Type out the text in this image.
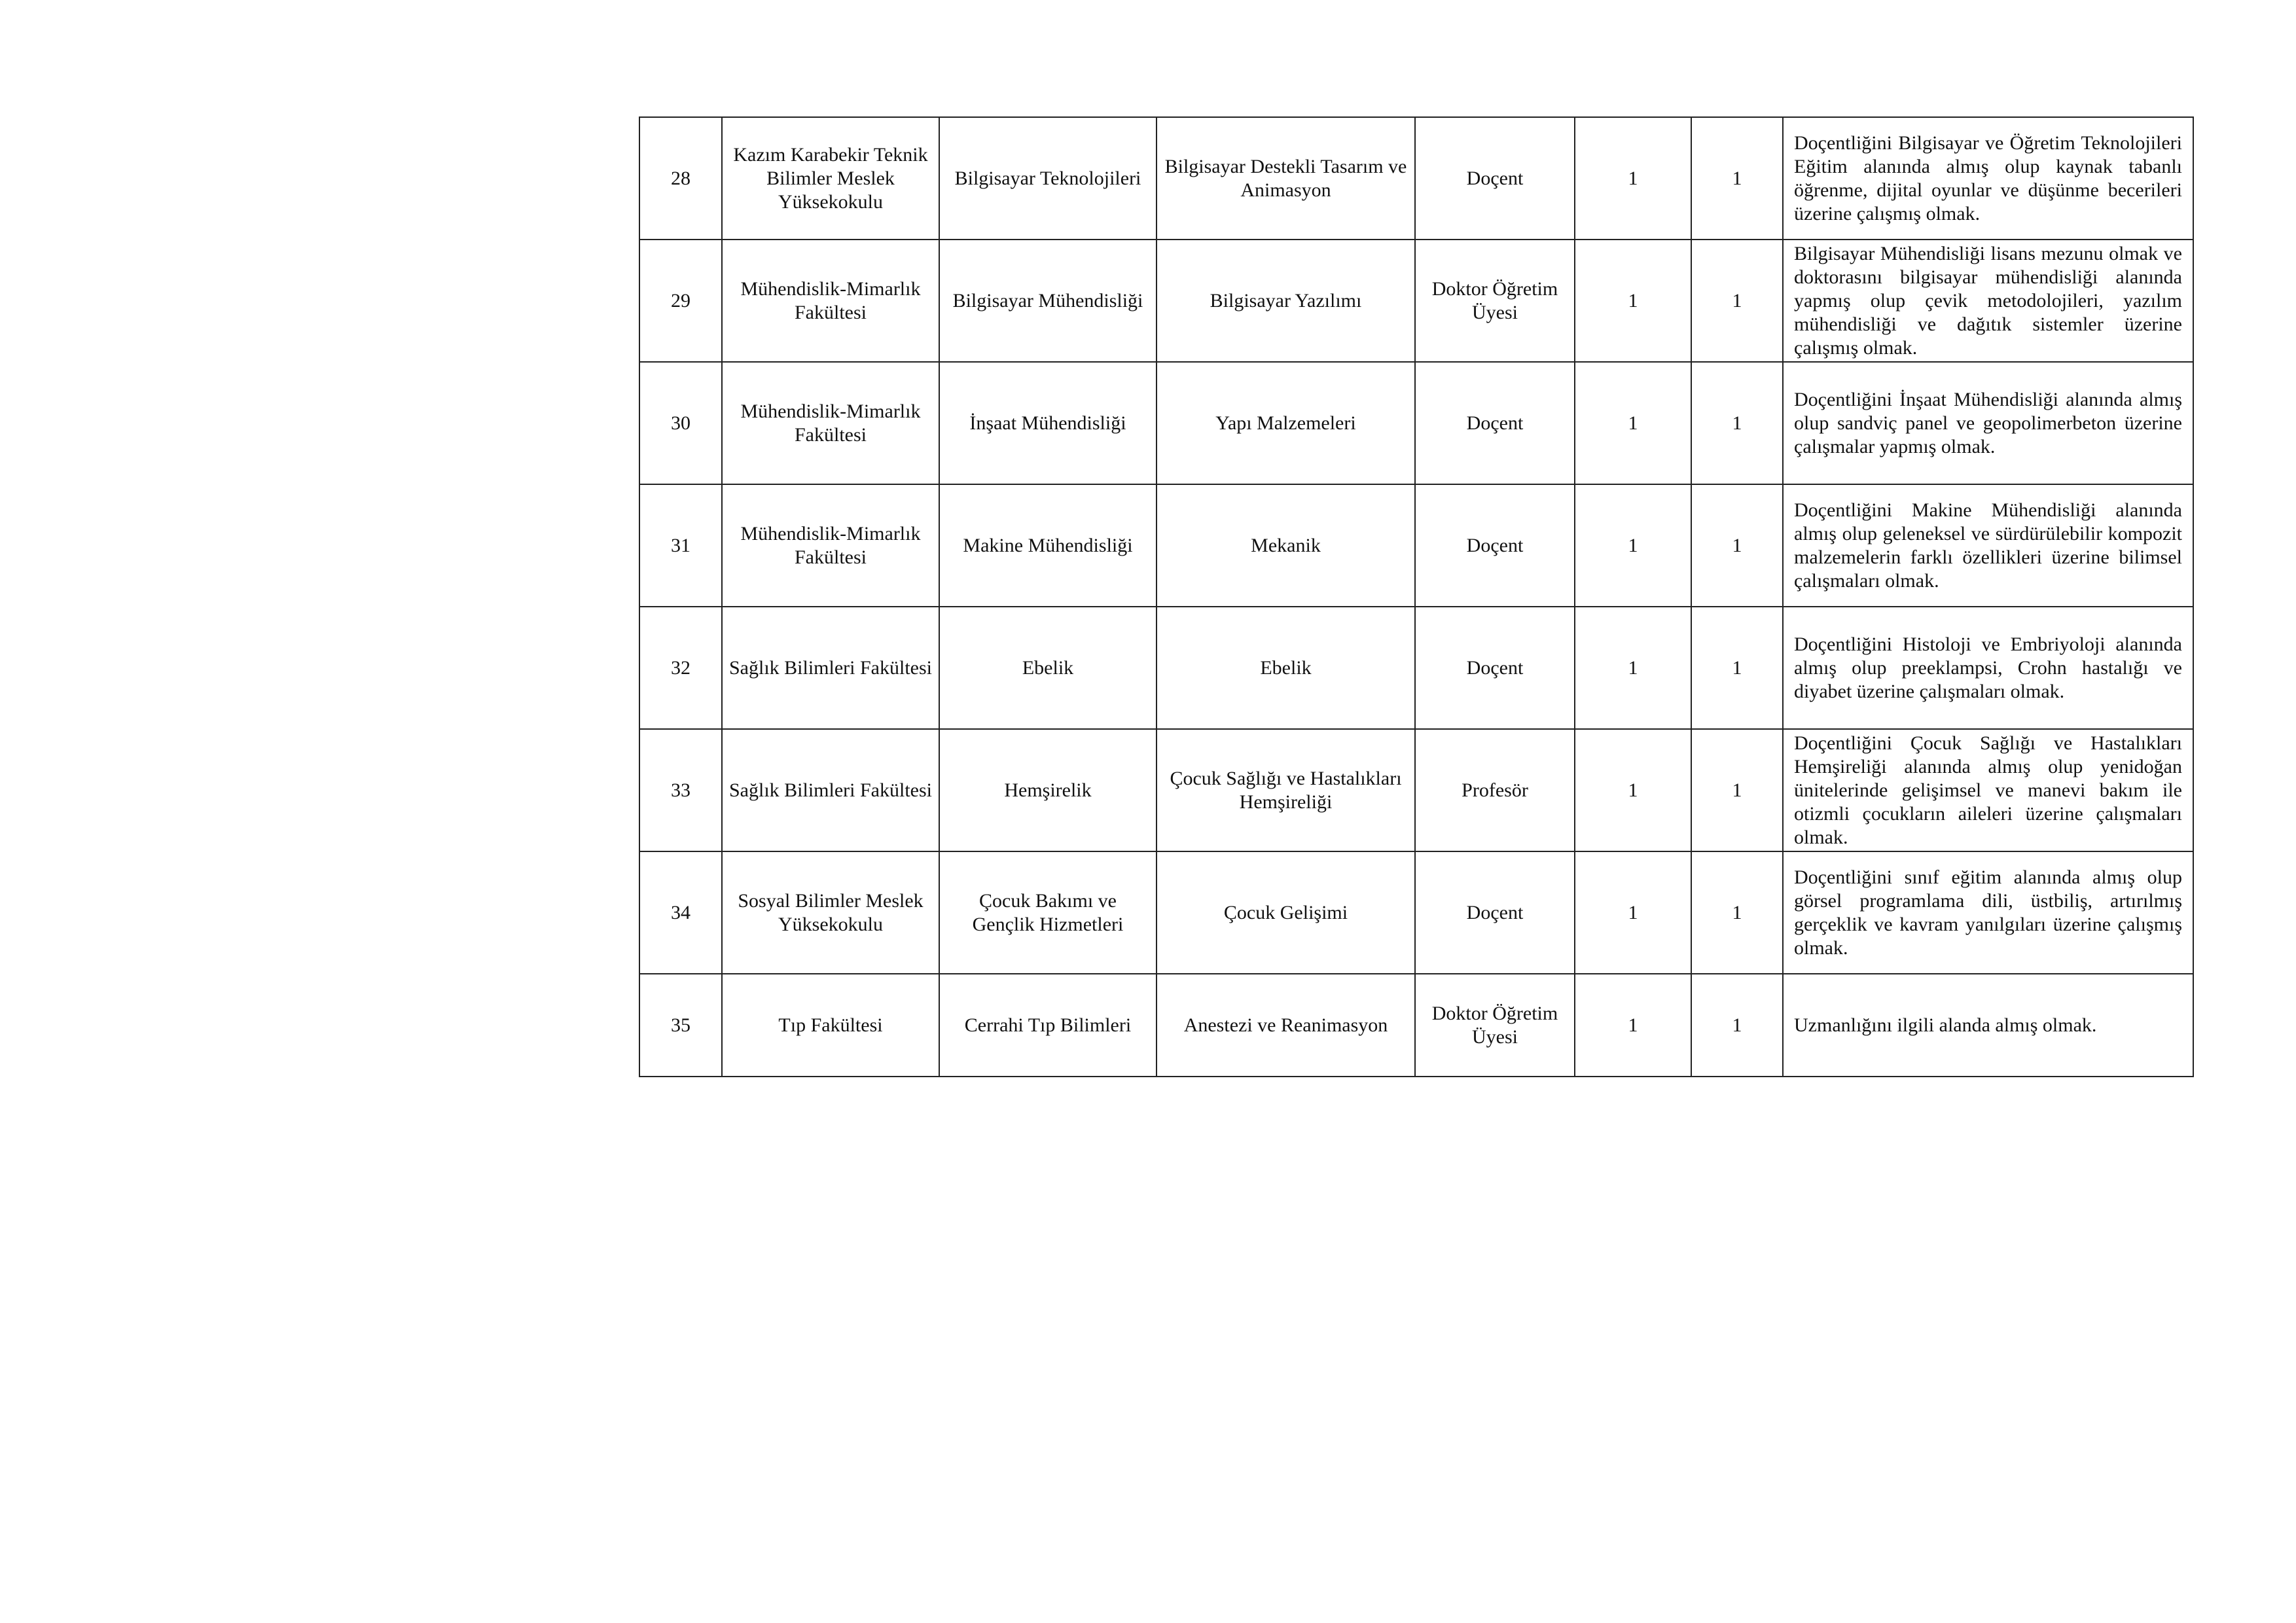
28	Kazım Karabekir Teknik Bilimler Meslek Yüksekokulu	Bilgisayar Teknolojileri	Bilgisayar Destekli Tasarım ve Animasyon	Doçent	1	1	Doçentliğini Bilgisayar ve Öğretim Teknolojileri Eğitim alanında almış olup kaynak tabanlı öğrenme, dijital oyunlar ve düşünme becerileri üzerine çalışmış olmak.
29	Mühendislik-Mimarlık Fakültesi	Bilgisayar Mühendisliği	Bilgisayar Yazılımı	Doktor Öğretim Üyesi	1	1	Bilgisayar Mühendisliği lisans mezunu olmak ve doktorasını bilgisayar mühendisliği alanında yapmış olup çevik metodolojileri, yazılım mühendisliği ve dağıtık sistemler üzerine çalışmış olmak.
30	Mühendislik-Mimarlık Fakültesi	İnşaat Mühendisliği	Yapı Malzemeleri	Doçent	1	1	Doçentliğini İnşaat Mühendisliği alanında almış olup sandviç panel ve geopolimerbeton üzerine çalışmalar yapmış olmak.
31	Mühendislik-Mimarlık Fakültesi	Makine Mühendisliği	Mekanik	Doçent	1	1	Doçentliğini Makine Mühendisliği alanında almış olup geleneksel ve sürdürülebilir kompozit malzemelerin farklı özellikleri üzerine bilimsel çalışmaları olmak.
32	Sağlık Bilimleri Fakültesi	Ebelik	Ebelik	Doçent	1	1	Doçentliğini Histoloji ve Embriyoloji alanında almış olup preeklampsi, Crohn hastalığı ve diyabet üzerine çalışmaları olmak.
33	Sağlık Bilimleri Fakültesi	Hemşirelik	Çocuk Sağlığı ve Hastalıkları Hemşireliği	Profesör	1	1	Doçentliğini Çocuk Sağlığı ve Hastalıkları Hemşireliği alanında almış olup yenidoğan ünitelerinde gelişimsel ve manevi bakım ile otizmli çocukların aileleri üzerine çalışmaları olmak.
34	Sosyal Bilimler Meslek Yüksekokulu	Çocuk Bakımı ve Gençlik Hizmetleri	Çocuk Gelişimi	Doçent	1	1	Doçentliğini sınıf eğitim alanında almış olup görsel programlama dili, üstbiliş, artırılmış gerçeklik ve kavram yanılgıları üzerine çalışmış olmak.
35	Tıp Fakültesi	Cerrahi Tıp Bilimleri	Anestezi ve Reanimasyon	Doktor Öğretim Üyesi	1	1	Uzmanlığını ilgili alanda almış olmak.
